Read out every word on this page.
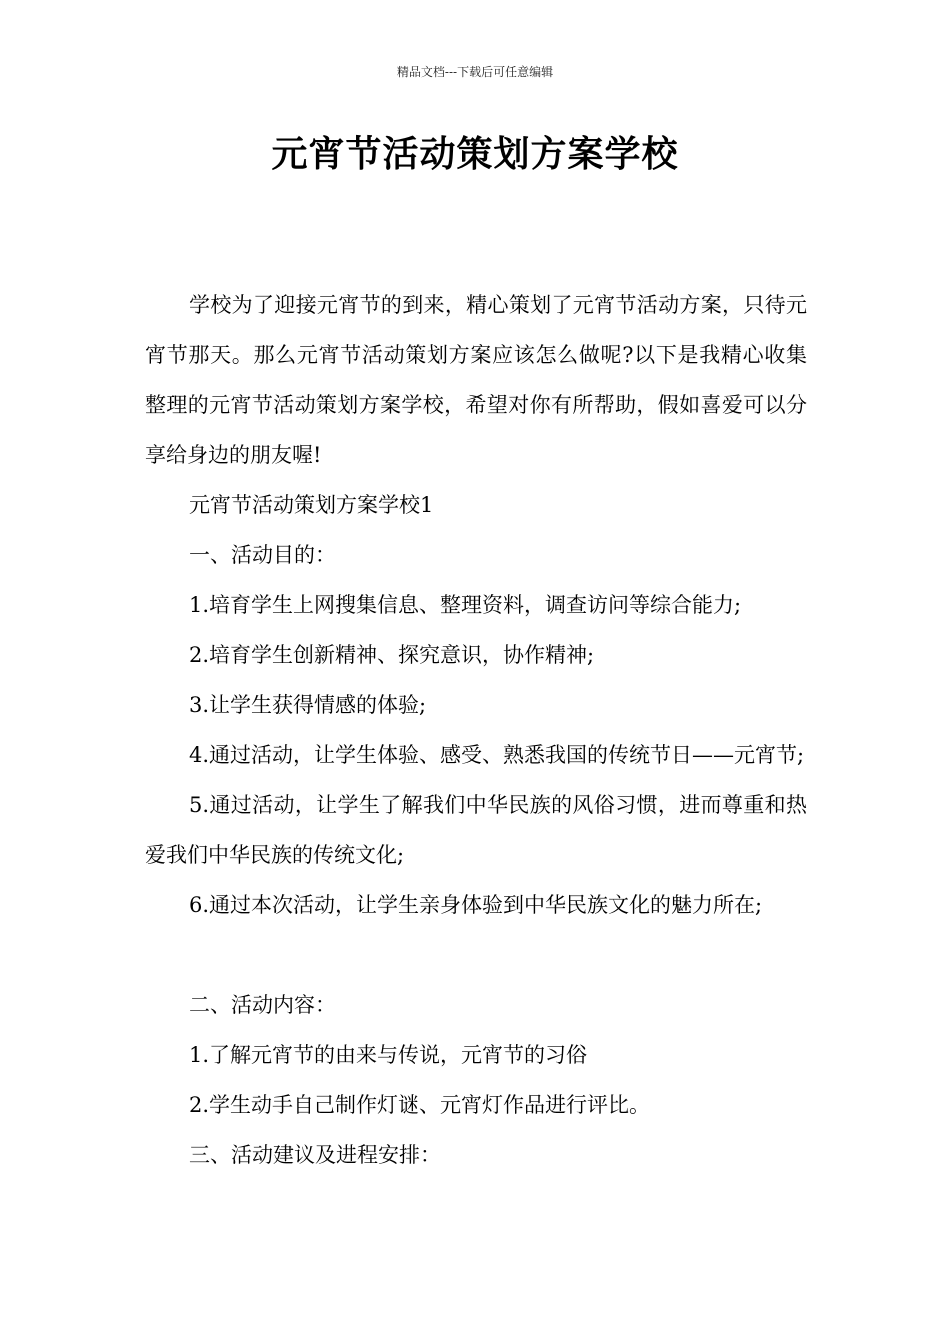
精品文档---下载后可任意编辑
元宵节活动策划方案学校

学校为了迎接元宵节的到来，精心策划了元宵节活动方案，只待元宵节那天。那么元宵节活动策划方案应该怎么做呢?以下是我精心收集整理的元宵节活动策划方案学校，希望对你有所帮助，假如喜爱可以分享给身边的朋友喔!

元宵节活动策划方案学校1

一、活动目的：

1.培育学生上网搜集信息、整理资料，调查访问等综合能力;

2.培育学生创新精神、探究意识，协作精神;

3.让学生获得情感的体验;

4.通过活动，让学生体验、感受、熟悉我国的传统节日——元宵节;

5.通过活动，让学生了解我们中华民族的风俗习惯，进而尊重和热爱我们中华民族的传统文化;

6.通过本次活动，让学生亲身体验到中华民族文化的魅力所在;

二、活动内容：

1.了解元宵节的由来与传说，元宵节的习俗

2.学生动手自己制作灯谜、元宵灯作品进行评比。

三、活动建议及进程安排：
